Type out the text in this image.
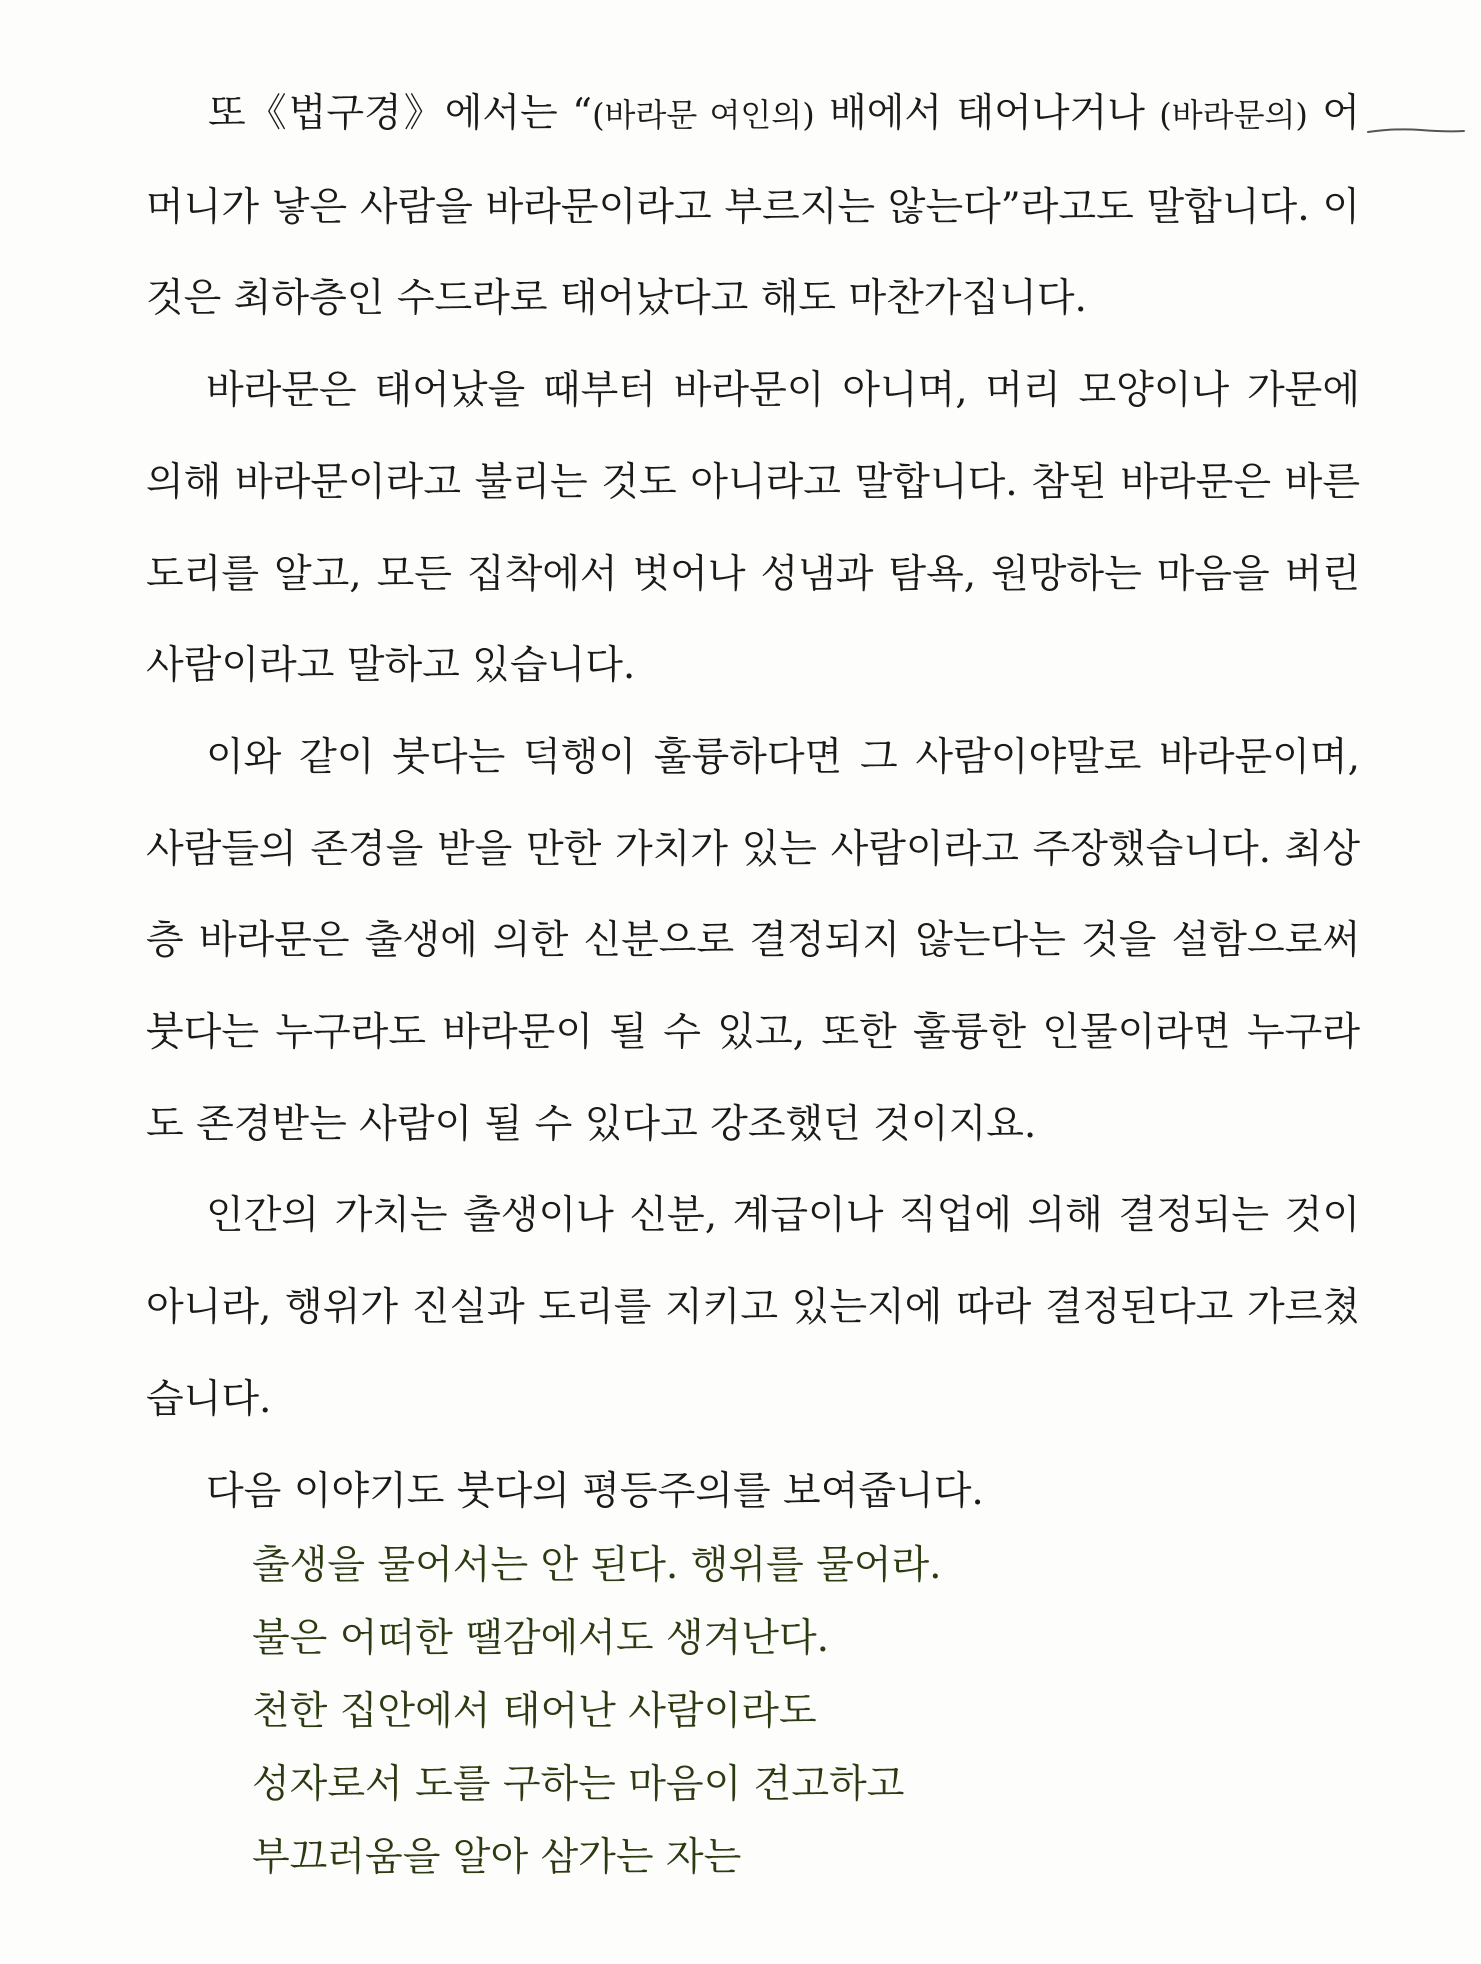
또《법구경》에서는 “(바라문 여인의) 배에서 태어나거나 (바라문의) 어머니가 낳은 사람을 바라문이라고 부르지는 않는다”라고도 말합니다. 이것은 최하층인 수드라로 태어났다고 해도 마찬가집니다.

바라문은 태어났을 때부터 바라문이 아니며, 머리 모양이나 가문에 의해 바라문이라고 불리는 것도 아니라고 말합니다. 참된 바라문은 바른 도리를 알고, 모든 집착에서 벗어나 성냄과 탐욕, 원망하는 마음을 버린 사람이라고 말하고 있습니다.

이와 같이 붓다는 덕행이 훌륭하다면 그 사람이야말로 바라문이며, 사람들의 존경을 받을 만한 가치가 있는 사람이라고 주장했습니다. 최상층 바라문은 출생에 의한 신분으로 결정되지 않는다는 것을 설함으로써 붓다는 누구라도 바라문이 될 수 있고, 또한 훌륭한 인물이라면 누구라도 존경받는 사람이 될 수 있다고 강조했던 것이지요.

인간의 가치는 출생이나 신분, 계급이나 직업에 의해 결정되는 것이 아니라, 행위가 진실과 도리를 지키고 있는지에 따라 결정된다고 가르쳤습니다.

다음 이야기도 붓다의 평등주의를 보여줍니다.

출생을 물어서는 안 된다. 행위를 물어라.

불은 어떠한 땔감에서도 생겨난다.

천한 집안에서 태어난 사람이라도

성자로서 도를 구하는 마음이 견고하고

부끄러움을 알아 삼가는 자는
